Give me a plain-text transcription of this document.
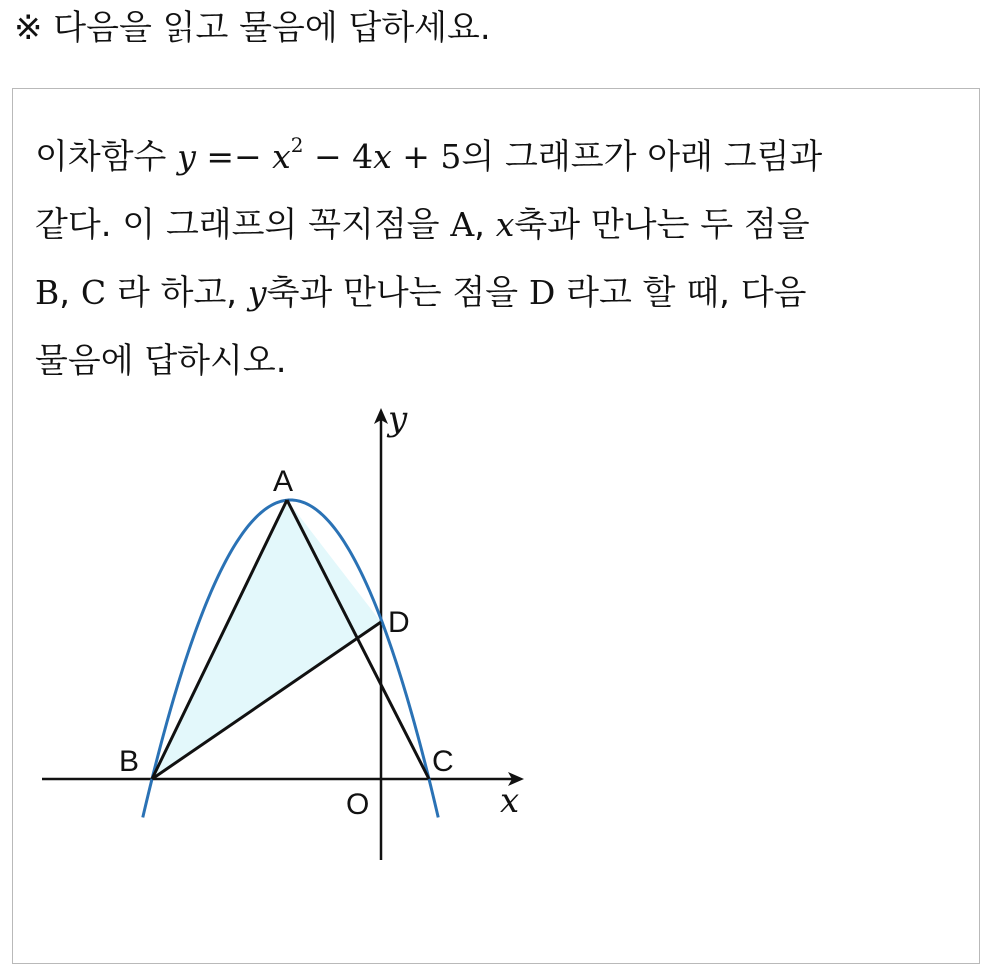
※ 다음을 읽고 물음에 답하세요.
이차함수 $y =- x^2 - 4x + 5$의 그래프가 아래 그림과
같다. 이 그래프의 꼭지점을 A, x축과 만나는 두 점을
B, C 라 하고, y축과 만나는 점을 D 라고 할 때, 다음
물음에 답하시오.
A
B	C
D
O	x
y
